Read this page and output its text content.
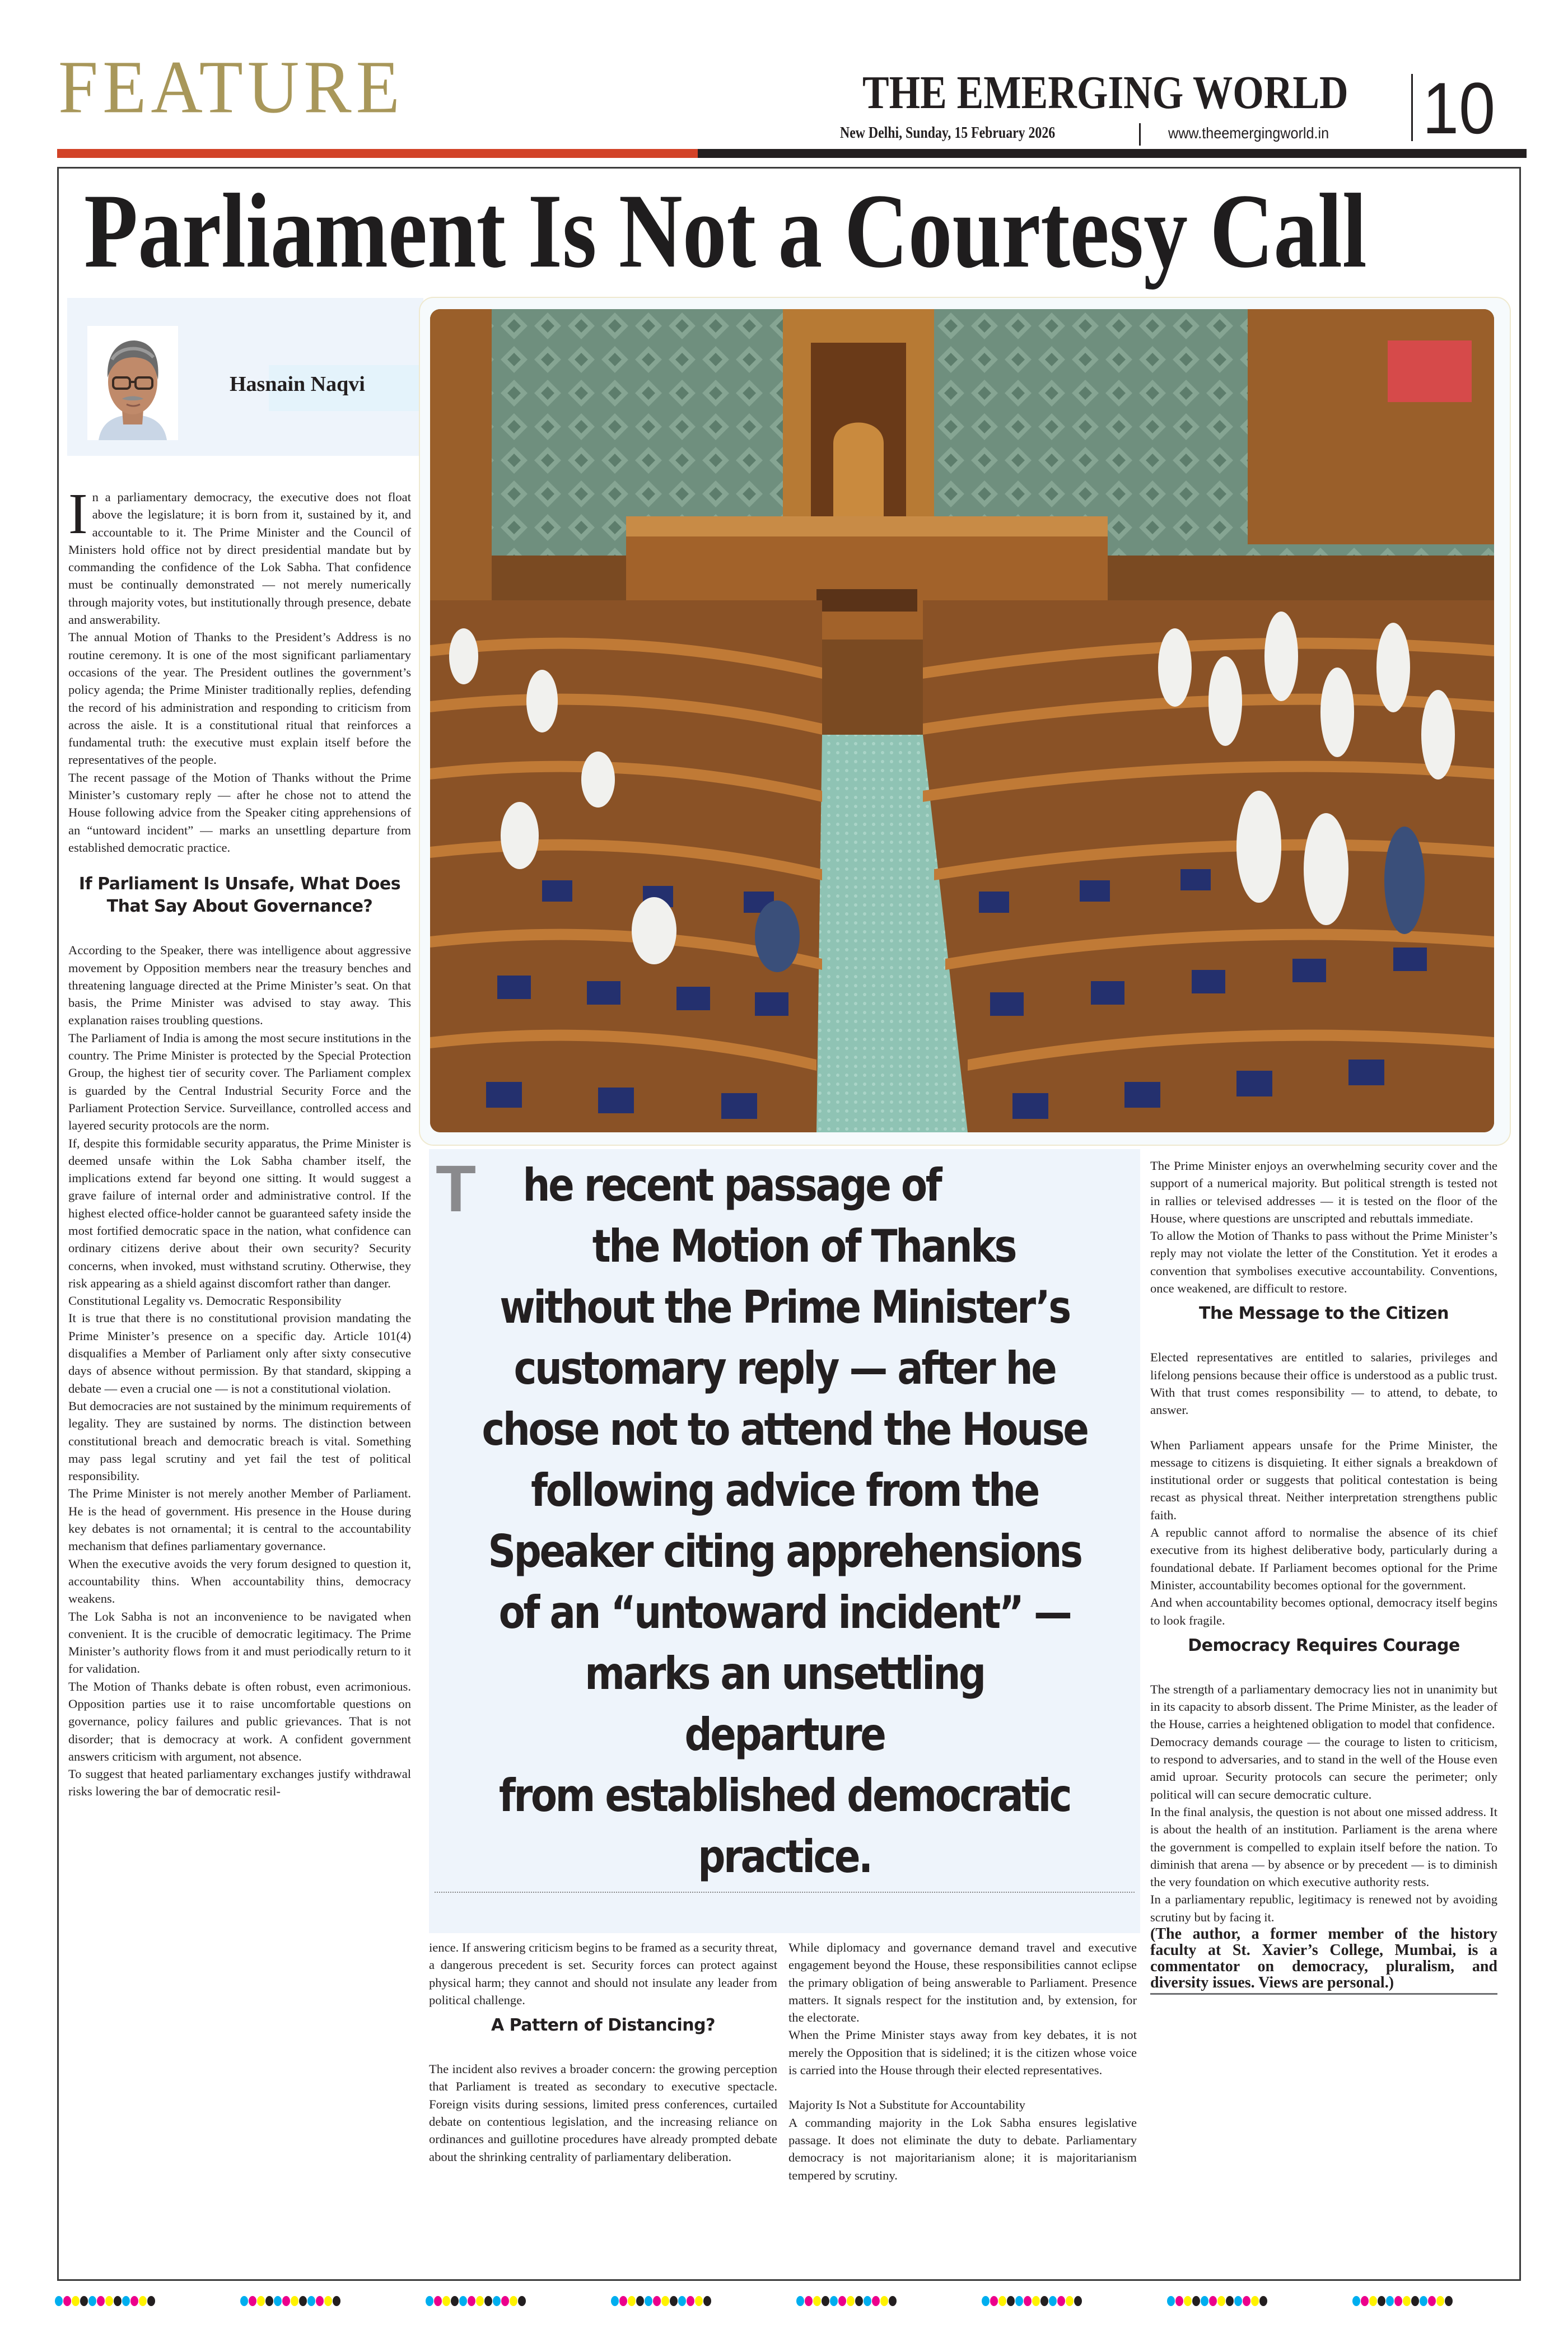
FEATURE	THE EMERGING WORLD
New Delhi, Sunday, 15 February 2026	www.theemergingworld.in 10
Parliament Is Not a Courtesy Call
Hasnain Naqvi
T	he recent passage of
the Motion of Thanks
without the Prime Minister’s
customary reply — after he
chose not to attend the House
following advice from the
Speaker citing apprehensions
of an “untoward incident” —
marks an unsettling departure
from established democratic
practice.

In a parliamentary democracy, the executive does not float above the legislature; it is born from it, sustained by it, and accountable to it. The Prime Minister and the Council of Ministers hold office not by direct presidential mandate but by commanding the confidence of the Lok Sabha. That confidence must be continually demonstrated — not merely numerically through majority votes, but institutionally through presence, debate and answerability.

The annual Motion of Thanks to the President’s Address is no routine ceremony. It is one of the most significant parliamentary occasions of the year. The President outlines the government’s policy agenda; the Prime Minister traditionally replies, defending the record of his administration and responding to criticism from across the aisle. It is a constitutional ritual that reinforces a fundamental truth: the executive must explain itself before the representatives of the people.

The recent passage of the Motion of Thanks without the Prime Minister’s customary reply — after he chose not to attend the House following advice from the Speaker citing apprehensions of an “untoward incident” — marks an unsettling departure from established democratic practice.

If Parliament Is Unsafe, What Does That Say About Governance?

According to the Speaker, there was intelligence about aggressive movement by Opposition members near the treasury benches and threatening language directed at the Prime Minister’s seat. On that basis, the Prime Minister was advised to stay away. This explanation raises troubling questions.

The Parliament of India is among the most secure institutions in the country. The Prime Minister is protected by the Special Protection Group, the highest tier of security cover. The Parliament complex is guarded by the Central Industrial Security Force and the Parliament Protection Service. Surveillance, controlled access and layered security protocols are the norm.

If, despite this formidable security apparatus, the Prime Minister is deemed unsafe within the Lok Sabha chamber itself, the implications extend far beyond one sitting. It would suggest a grave failure of internal order and administrative control. If the highest elected office-holder cannot be guaranteed safety inside the most fortified democratic space in the nation, what confidence can ordinary citizens derive about their own security? Security concerns, when invoked, must withstand scrutiny. Otherwise, they risk appearing as a shield against discomfort rather than danger.

Constitutional Legality vs. Democratic Responsibility

It is true that there is no constitutional provision mandating the Prime Minister’s presence on a specific day. Article 101(4) disqualifies a Member of Parliament only after sixty consecutive days of absence without permission. By that standard, skipping a debate — even a crucial one — is not a constitutional violation.

But democracies are not sustained by the minimum requirements of legality. They are sustained by norms. The distinction between constitutional breach and democratic breach is vital. Something may pass legal scrutiny and yet fail the test of political responsibility.

The Prime Minister is not merely another Member of Parliament. He is the head of government. His presence in the House during key debates is not ornamental; it is central to the accountability mechanism that defines parliamentary governance.

When the executive avoids the very forum designed to question it, accountability thins. When accountability thins, democracy weakens.

The Lok Sabha is not an inconvenience to be navigated when convenient. It is the crucible of democratic legitimacy. The Prime Minister’s authority flows from it and must periodically return to it for validation.

The Motion of Thanks debate is often robust, even acrimonious. Opposition parties use it to raise uncomfortable questions on governance, policy failures and public grievances. That is not disorder; that is democracy at work. A confident government answers criticism with argument, not absence.

To suggest that heated parliamentary exchanges justify withdrawal risks lowering the bar of democratic resil-

ience. If answering criticism begins to be framed as a security threat, a dangerous precedent is set. Security forces can protect against physical harm; they cannot and should not insulate any leader from political challenge.

A Pattern of Distancing?

The incident also revives a broader concern: the growing perception that Parliament is treated as secondary to executive spectacle. Foreign visits during sessions, limited press conferences, curtailed debate on contentious legislation, and the increasing reliance on ordinances and guillotine procedures have already prompted debate about the shrinking centrality of parliamentary deliberation.

While diplomacy and governance demand travel and executive engagement beyond the House, these responsibilities cannot eclipse the primary obligation of being answerable to Parliament. Presence matters. It signals respect for the institution and, by extension, for the electorate.

When the Prime Minister stays away from key debates, it is not merely the Opposition that is sidelined; it is the citizen whose voice is carried into the House through their elected representatives.

Majority Is Not a Substitute for Accountability

A commanding majority in the Lok Sabha ensures legislative passage. It does not eliminate the duty to debate. Parliamentary democracy is not majoritarianism alone; it is majoritarianism tempered by scrutiny.

The Prime Minister enjoys an overwhelming security cover and the support of a numerical majority. But political strength is tested not in rallies or televised addresses — it is tested on the floor of the House, where questions are unscripted and rebuttals immediate.

To allow the Motion of Thanks to pass without the Prime Minister’s reply may not violate the letter of the Constitution. Yet it erodes a convention that symbolises executive accountability. Conventions, once weakened, are difficult to restore.

The Message to the Citizen

Elected representatives are entitled to salaries, privileges and lifelong pensions because their office is understood as a public trust. With that trust comes responsibility — to attend, to debate, to answer.

When Parliament appears unsafe for the Prime Minister, the message to citizens is disquieting. It either signals a breakdown of institutional order or suggests that political contestation is being recast as physical threat. Neither interpretation strengthens public faith.

A republic cannot afford to normalise the absence of its chief executive from its highest deliberative body, particularly during a foundational debate. If Parliament becomes optional for the Prime Minister, accountability becomes optional for the government.

And when accountability becomes optional, democracy itself begins to look fragile.

Democracy Requires Courage

The strength of a parliamentary democracy lies not in unanimity but in its capacity to absorb dissent. The Prime Minister, as the leader of the House, carries a heightened obligation to model that confidence.

Democracy demands courage — the courage to listen to criticism, to respond to adversaries, and to stand in the well of the House even amid uproar. Security protocols can secure the perimeter; only political will can secure democratic culture.

In the final analysis, the question is not about one missed address. It is about the health of an institution. Parliament is the arena where the government is compelled to explain itself before the nation. To diminish that arena — by absence or by precedent — is to diminish the very foundation on which executive authority rests.

In a parliamentary republic, legitimacy is renewed not by avoiding scrutiny but by facing it.

(The author, a former member of the history faculty at St. Xavier’s College, Mumbai, is a commentator on democracy, pluralism, and diversity issues. Views are personal.)
